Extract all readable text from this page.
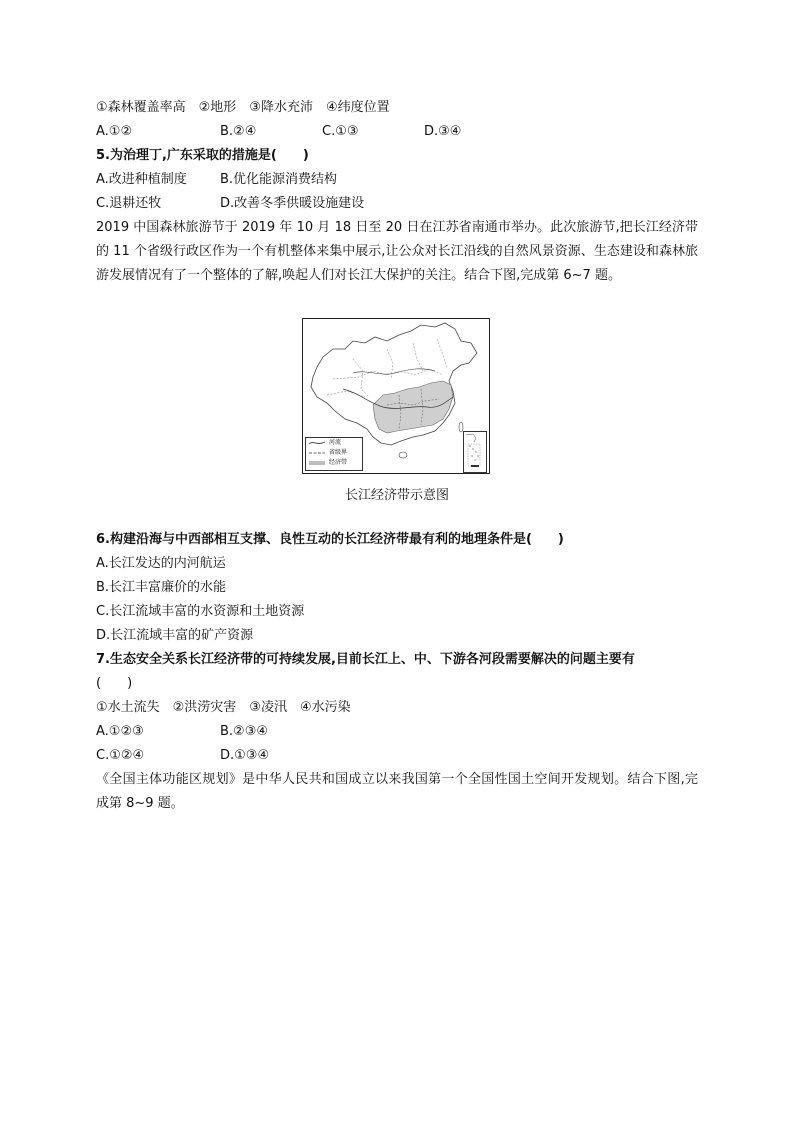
①森林覆盖率高　②地形　③降水充沛　④纬度位置
A.①②	B.②④	C.①③	D.③④
5.为治理丁,广东采取的措施是(　　)
A.改进种植制度	B.优化能源消费结构
C.退耕还牧	D.改善冬季供暖设施建设
2019 中国森林旅游节于 2019 年 10 月 18 日至 20 日在江苏省南通市举办。此次旅游节,把长江经济带的 11 个省级行政区作为一个有机整体来集中展示,让公众对长江沿线的自然风景资源、生态建设和森林旅游发展情况有了一个整体的了解,唤起人们对长江大保护的关注。结合下图,完成第 6~7 题。
河流
省级界
经济带
长江经济带示意图
6.构建沿海与中西部相互支撑、良性互动的长江经济带最有利的地理条件是(　　)
A.长江发达的内河航运
B.长江丰富廉价的水能
C.长江流域丰富的水资源和土地资源
D.长江流域丰富的矿产资源
7.生态安全关系长江经济带的可持续发展,目前长江上、中、下游各河段需要解决的问题主要有
(　　)
①水土流失　②洪涝灾害　③凌汛　④水污染
A.①②③	B.②③④
C.①②④	D.①③④
《全国主体功能区规划》是中华人民共和国成立以来我国第一个全国性国土空间开发规划。结合下图,完成第 8~9 题。
